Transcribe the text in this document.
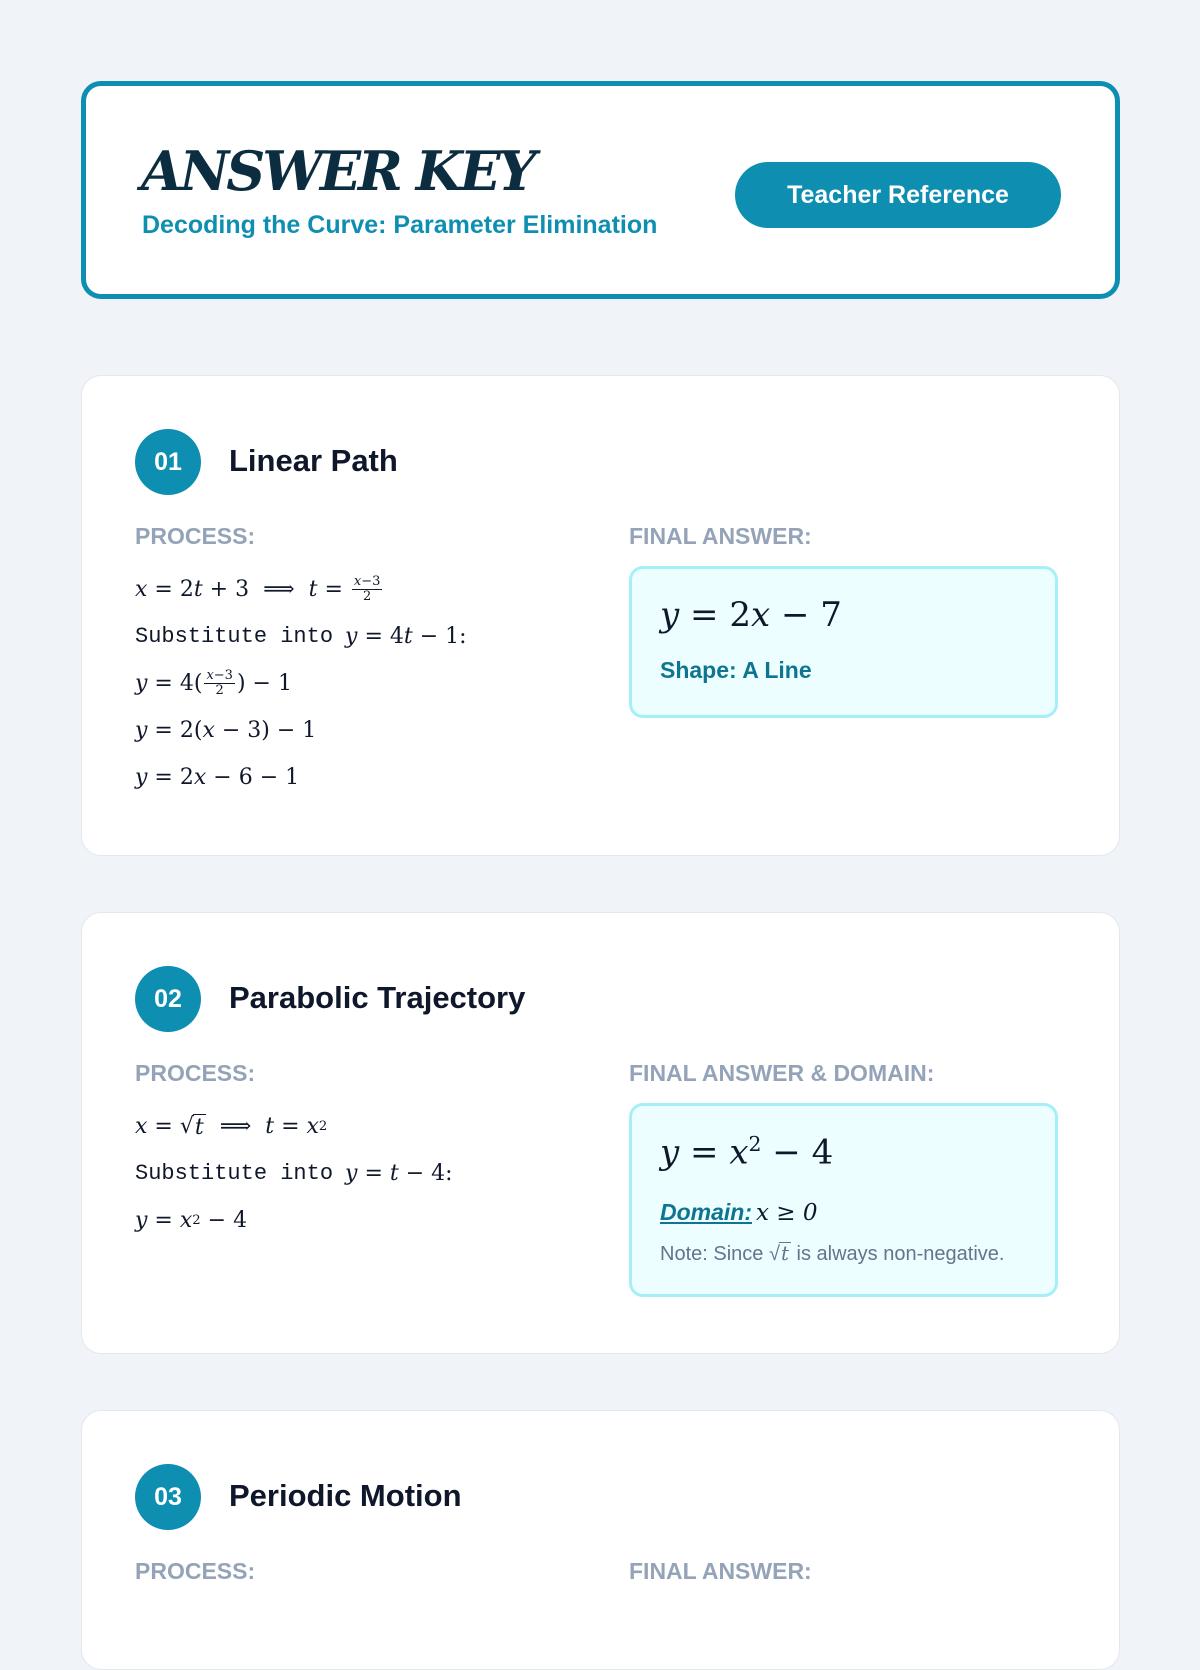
ANSWER KEY
Decoding the Curve: Parameter Elimination
Teacher Reference
01	Linear Path
PROCESS:	FINAL ANSWER:
x = 2 t + 3  ⟹ $t = \frac{x-3}{2}$
Substitute into y = 4 t − 1:
$y = 4( \frac{x-3}{2}$ ) − 1
y = 2( x − 3) − 1
y = 2 x − 6 − 1
y = 2x − 7
Shape: A Line
02	Parabolic Trajectory
PROCESS:	FINAL ANSWER & DOMAIN:
x = √ t ⟹ t = x 2
Substitute into y = t − 4:
y = x 2 − 4
$y = x^2 - 4$
Domain: x ≥ 0
Note: Since √t is always non-negative.
03	Periodic Motion
PROCESS:	FINAL ANSWER:
